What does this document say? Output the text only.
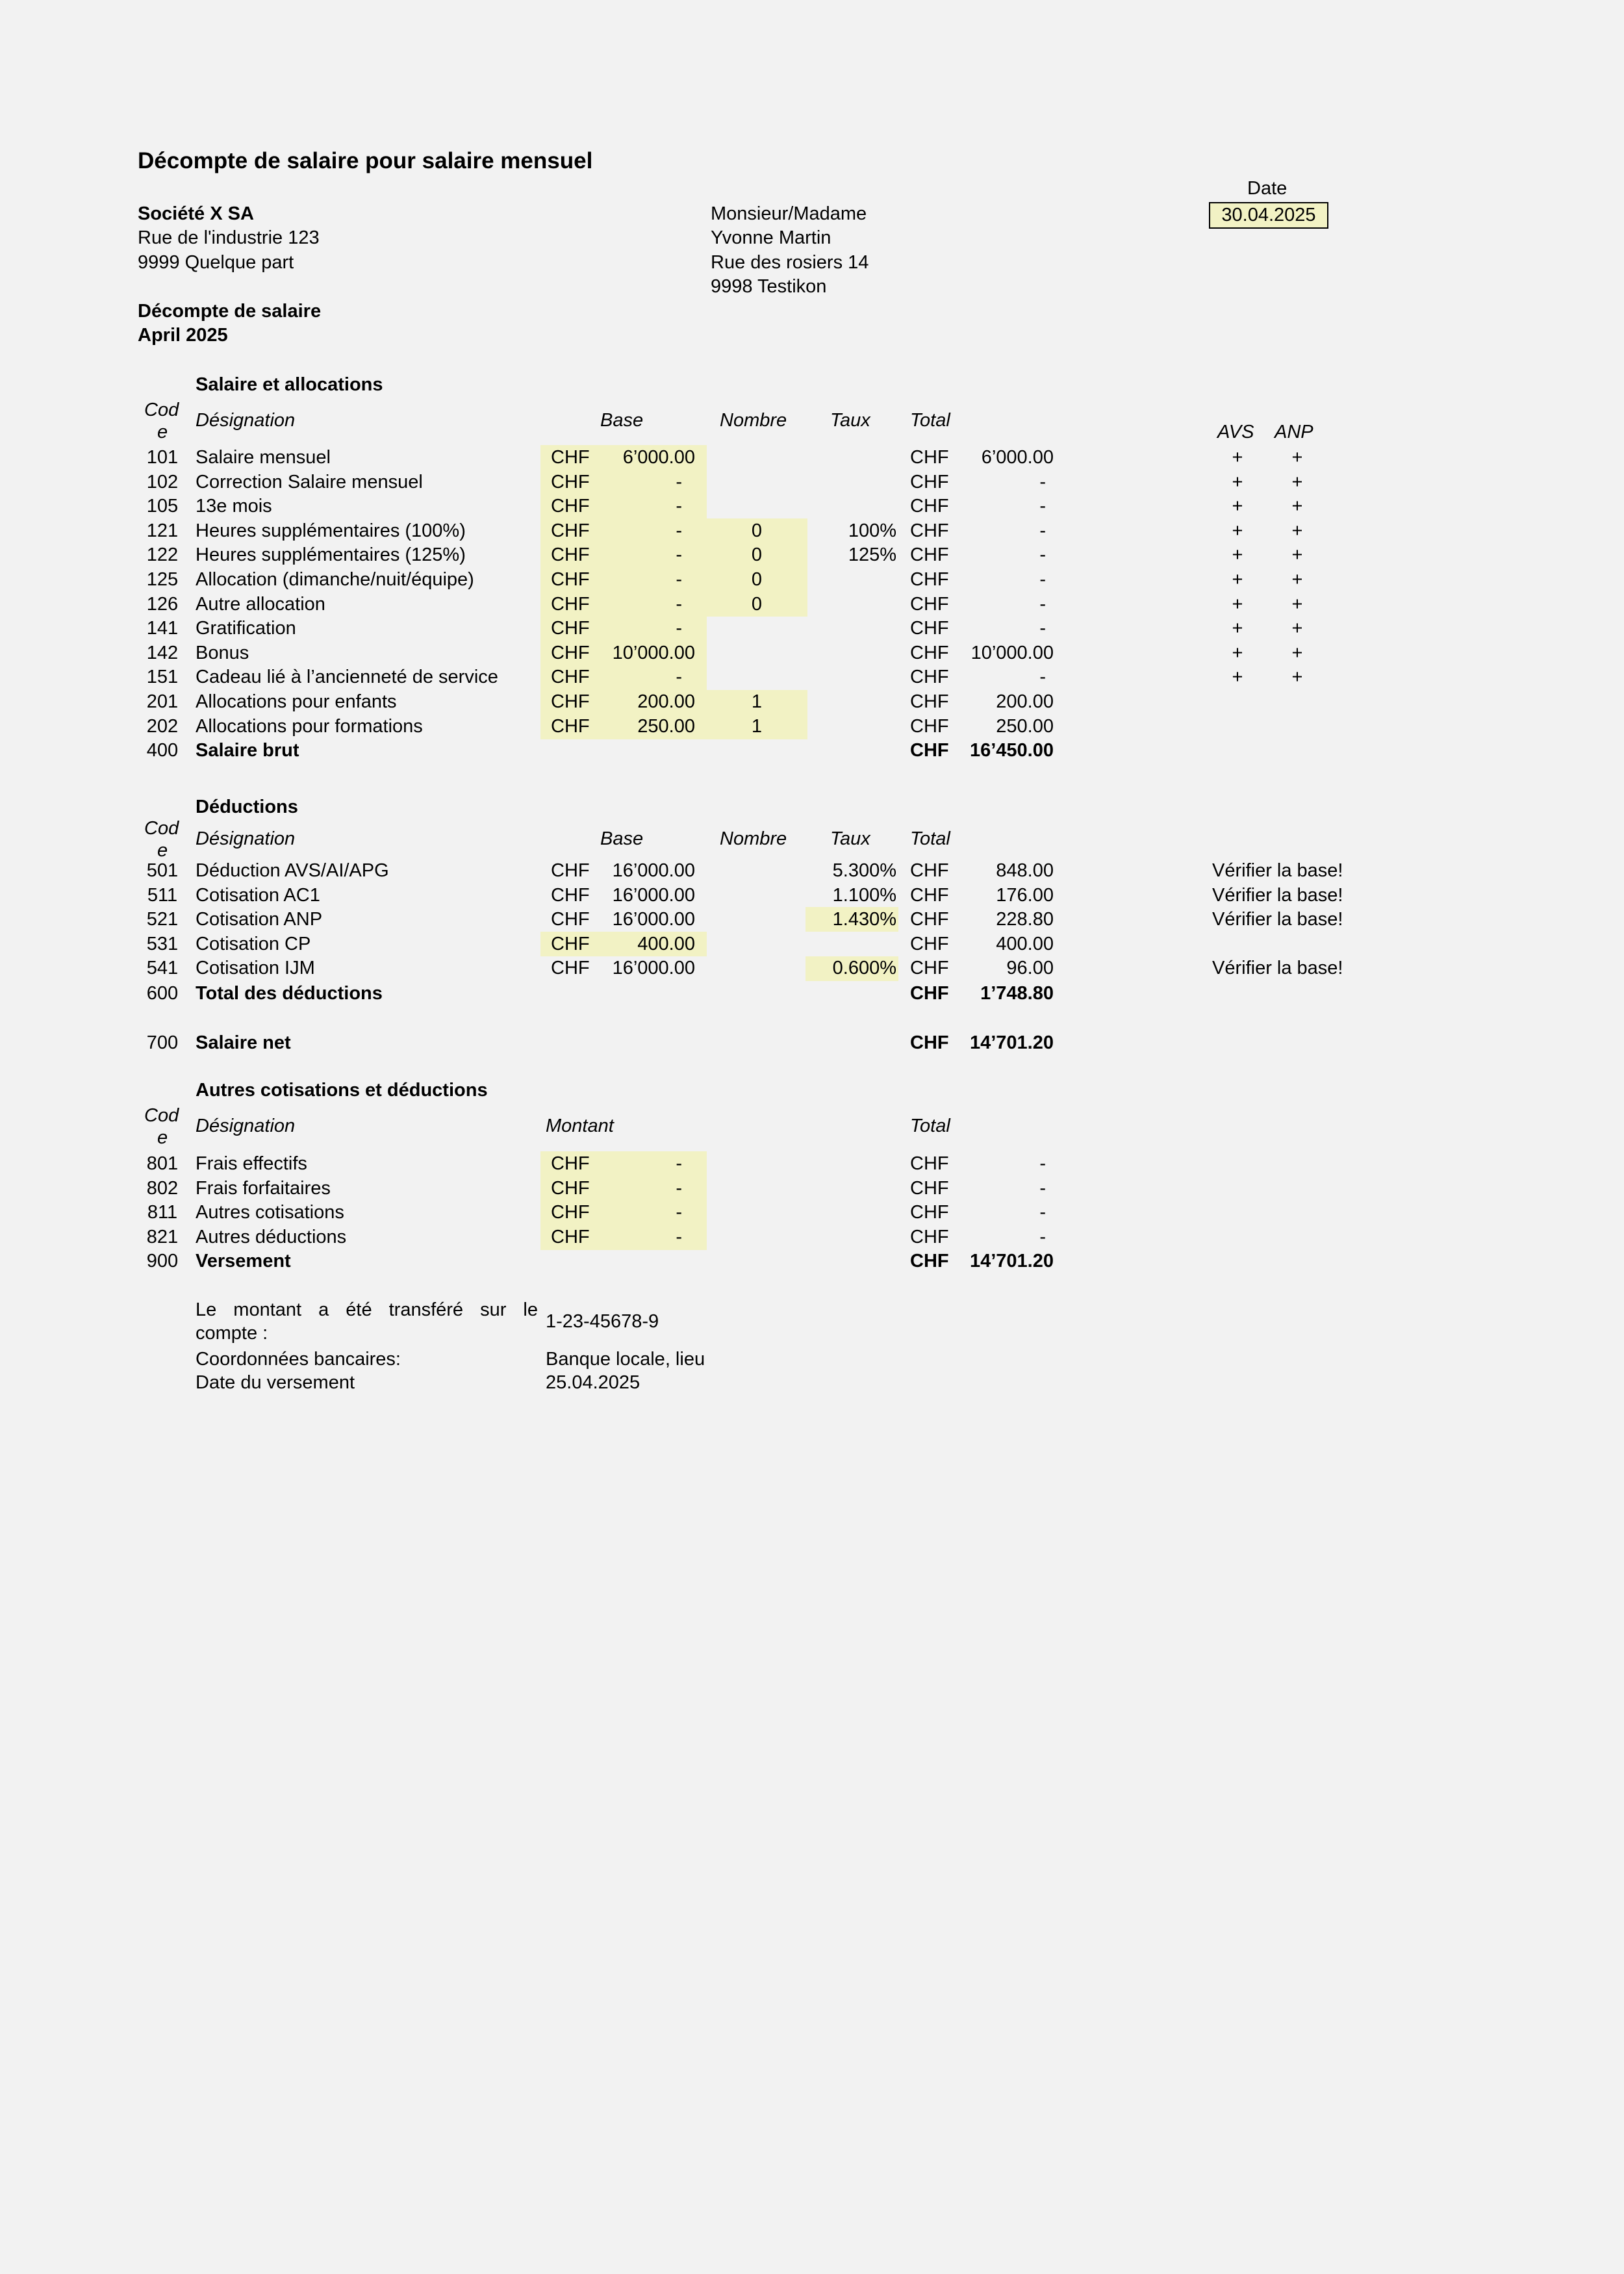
Décompte de salaire pour salaire mensuel
Date
30.04.2025
Société X SA
Rue de l'industrie 123
9999 Quelque part
Monsieur/Madame
Yvonne Martin
Rue des rosiers 14
9998 Testikon
Décompte de salaire
April 2025
Salaire et allocations
Cod
e
Désignation	Base	Nombre Taux Total
AVS ANP
101 Salaire mensuel	CHF	6’000.00	CHF	6’000.00	+	+
102 Correction Salaire mensuel	CHF	-	CHF	-	+	+
105 13e mois	CHF	-	CHF	-	+	+
121 Heures supplémentaires (100%)	CHF	-	0	100% CHF	-	+	+
122 Heures supplémentaires (125%)	CHF	-	0	125% CHF	-	+	+
125 Allocation (dimanche/nuit/équipe)	CHF	-	0	CHF	-	+	+
126 Autre allocation	CHF	-	0	CHF	-	+	+
141 Gratification	CHF	-	CHF	-	+	+
142 Bonus	CHF	10’000.00	CHF	10’000.00	+	+
151 Cadeau lié à l’ancienneté de service	CHF	-	CHF	-	+	+
201 Allocations pour enfants	CHF	200.00	1	CHF	200.00
202 Allocations pour formations	CHF	250.00	1	CHF	250.00
400 Salaire brut	CHF	16’450.00
Déductions
Cod
e
Désignation	Base	Nombre Taux Total
501 Déduction AVS/AI/APG	CHF	16’000.00	5.300% CHF	848.00	Vérifier la base!
511 Cotisation AC1	CHF	16’000.00	1.100% CHF	176.00	Vérifier la base!
521 Cotisation ANP	CHF	16’000.00	1.430% CHF	228.80	Vérifier la base!
531 Cotisation CP	CHF	400.00	CHF	400.00
541 Cotisation IJM	CHF	16’000.00	0.600% CHF	96.00	Vérifier la base!
600 Total des déductions	CHF	1’748.80
700 Salaire net	CHF	14’701.20
Autres cotisations et déductions
Cod
e
Désignation	Montant	Total
801 Frais effectifs	CHF	-	CHF	-
802 Frais forfaitaires	CHF	-	CHF	-
811 Autres cotisations	CHF	-	CHF	-
821 Autres déductions	CHF	-	CHF	-
900 Versement	CHF	14’701.20
Le montant a été transféré sur le
compte :
1-23-45678-9
Coordonnées bancaires:	Banque locale, lieu
Date du versement	25.04.2025
